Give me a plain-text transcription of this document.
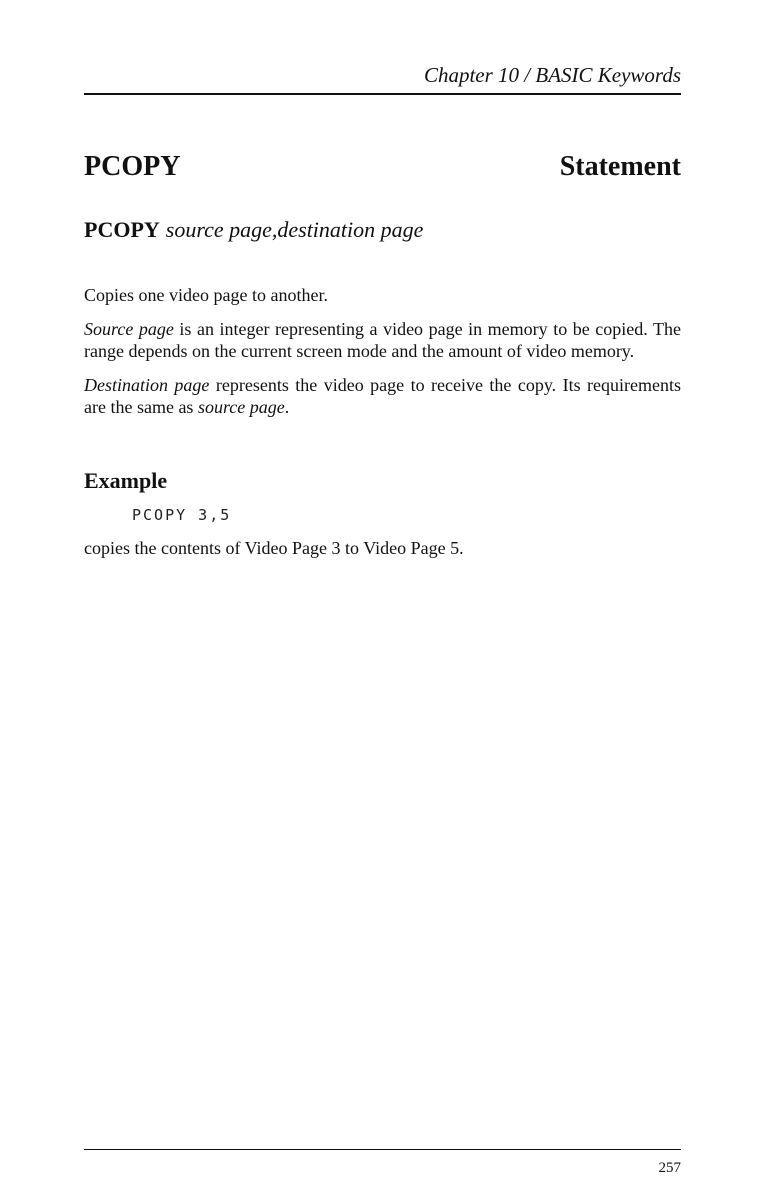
Chapter 10 / BASIC Keywords
PCOPY	Statement
PCOPY source page,destination page

Copies one video page to another.

Source page is an integer representing a video page in memory to be copied. The range depends on the current screen mode and the amount of video memory.

Destination page represents the video page to receive the copy. Its requirements are the same as source page.

Example
PCOPY 3,5
copies the contents of Video Page 3 to Video Page 5.
257
